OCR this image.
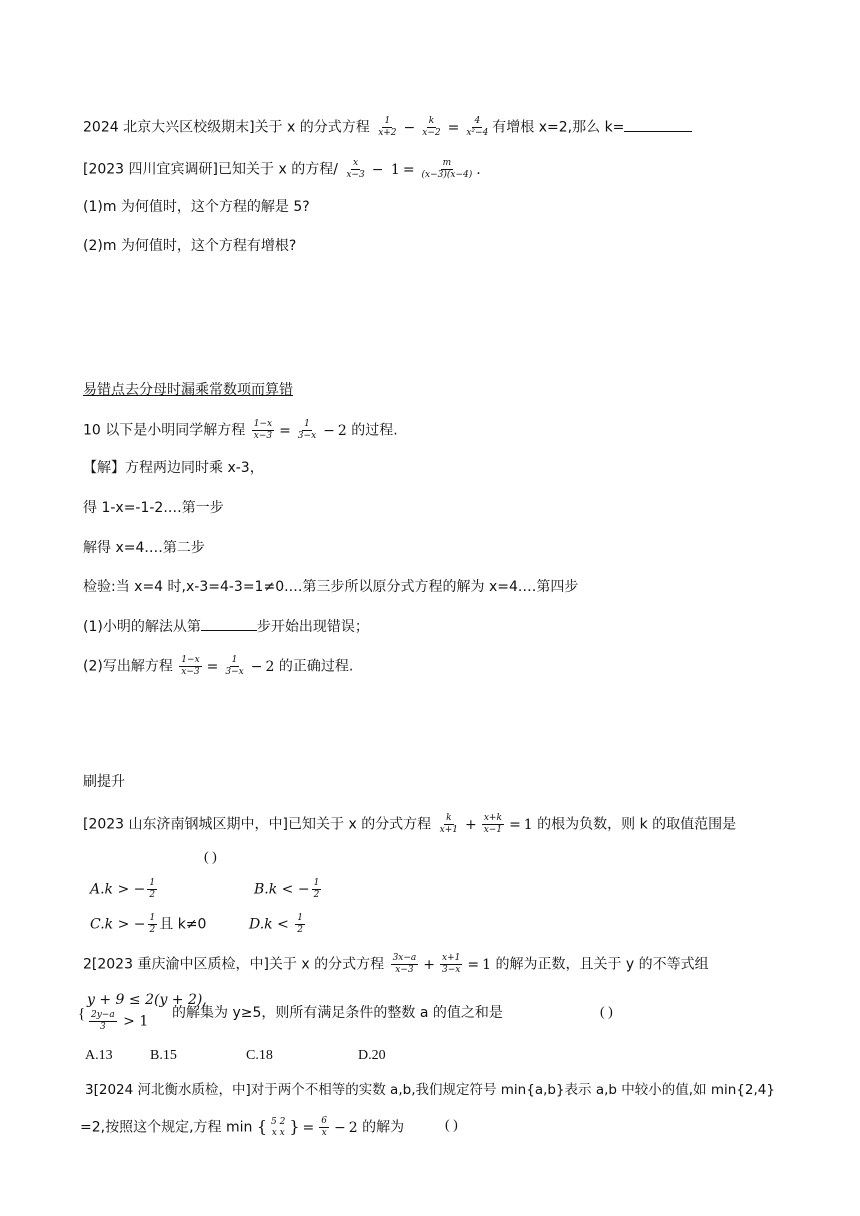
2024 北京大兴区校级期末]关于 x 的分式方程 $\frac{1}{x+2} - \frac{k}{x-2} = \frac{4}{\text{x²−4}}$ 有增根 x=2,那么 k=
[2023 四川宜宾调研]已知关于 x 的方程/ $\frac{x}{x-3} - 1 = \frac{m}{(x-3)(x-4)}$ .
(1)m 为何值时，这个方程的解是 5?
(2)m 为何值时，这个方程有增根?
易错点去分母时漏乘常数项而算错
10 以下是小明同学解方程 $\frac{1-x}{x-3} = \frac{1}{3-x} - 2$ 的过程.
【解】方程两边同时乘 x-3，
得 1-x=-1-2.…第一步
解得 x=4.…第二步
检验:当 x=4 时,x-3=4-3=1≠0.…第三步所以原分式方程的解为 x=4.…第四步
(1)小明的解法从第	步开始出现错误；
(2)写出解方程 $\frac{1-x}{x-3} = \frac{1}{3-x} - 2$ 的正确过程.
刷提升
[2023 山东济南钢城区期中，中]已知关于 x 的分式方程 $\frac{k}{x+1} + \frac{x+k}{x-1} = 1$ 的根为负数，则 k 的取值范围是
( )
A.k > − $\frac{1}{2}$	B.k < − $\frac{1}{2}$
C.k > − $\frac{1}{2}$ 且 k≠0	$D.k < \frac{1}{2}$
2[2023 重庆渝中区质检，中]关于 x 的分式方程 $\frac{3x-a}{x-3} + \frac{x+1}{3-x} = 1$ 的解为正数，且关于 y 的不等式组
y + 9 ≤ 2(y + 2),
{ $\frac{2y-a}{3} > 1$
的解集为 y≥5，则所有满足条件的整数 a 的值之和是	( )
A.13	B.15	C.18	D.20
3[2024 河北衡水质检，中]对于两个不相等的实数 a,b,我们规定符号 min{a,b}表示 a,b 中较小的值,如 min{2,4}
=2,按照这个规定,方程 min { 5 2
x x } = $\frac{6}{x} - 2$ 的解为	( )
